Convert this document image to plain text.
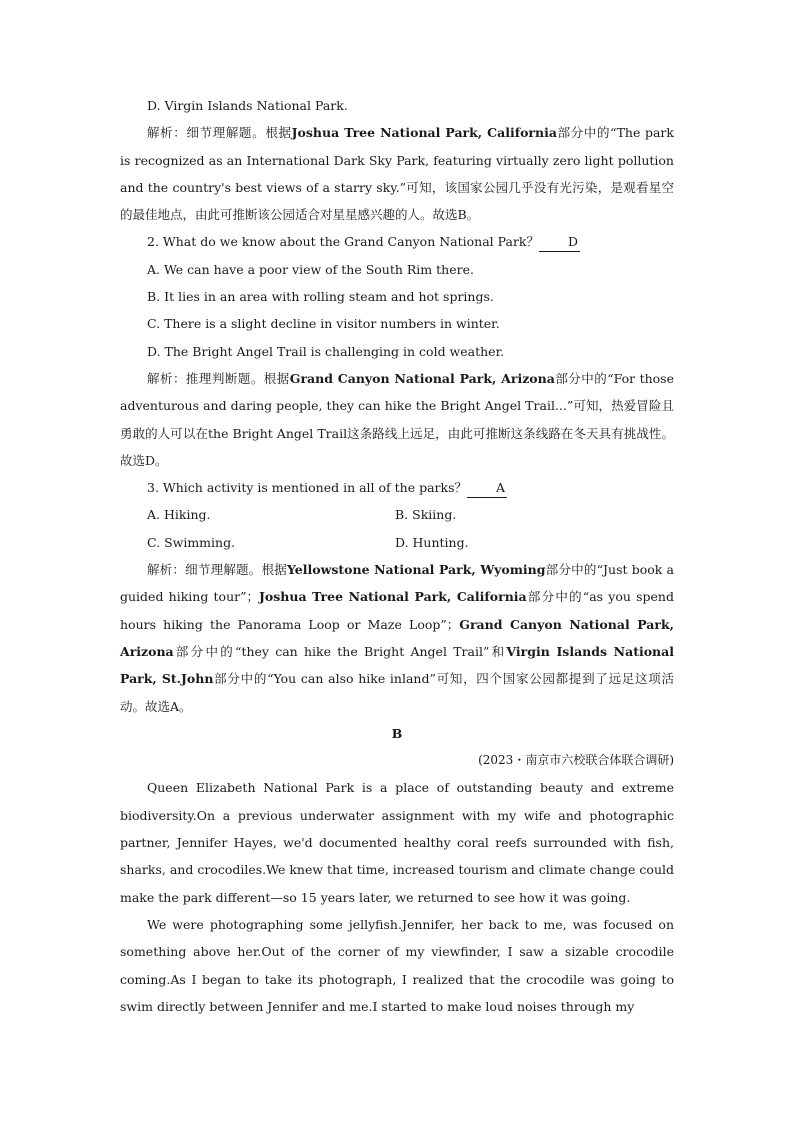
D. Virgin Islands National Park.

解析：细节理解题。根据Joshua Tree National Park, California部分中的“The park is recognized as an International Dark Sky Park, featuring virtually zero light pollution and the country's best views of a starry sky.”可知，该国家公园几乎没有光污染，是观看星空的最佳地点，由此可推断该公园适合对星星感兴趣的人。故选B。

2. What do we know about the Grand Canyon National Park？ D

A. We can have a poor view of the South Rim there.

B. It lies in an area with rolling steam and hot springs.

C. There is a slight decline in visitor numbers in winter.

D. The Bright Angel Trail is challenging in cold weather.

解析：推理判断题。根据Grand Canyon National Park, Arizona部分中的“For those adventurous and daring people, they can hike the Bright Angel Trail...”可知，热爱冒险且勇敢的人可以在the Bright Angel Trail这条路线上远足，由此可推断这条线路在冬天具有挑战性。故选D。

3. Which activity is mentioned in all of the parks？ A

A. Hiking.	B. Skiing.
C. Swimming.	D. Hunting.

解析：细节理解题。根据Yellowstone National Park, Wyoming部分中的“Just book a guided hiking tour”；Joshua Tree National Park, California部分中的“as you spend hours hiking the Panorama Loop or Maze Loop”；Grand Canyon National Park, Arizona部分中的“they can hike the Bright Angel Trail”和Virgin Islands National Park, St.John部分中的“You can also hike inland”可知，四个国家公园都提到了远足这项活动。故选A。

B

(2023・南京市六校联合体联合调研)

Queen Elizabeth National Park is a place of outstanding beauty and extreme biodiversity.On a previous underwater assignment with my wife and photographic partner, Jennifer Hayes, we'd documented healthy coral reefs surrounded with fish, sharks, and crocodiles.We knew that time, increased tourism and climate change could make the park different—so 15 years later, we returned to see how it was going.

We were photographing some jellyfish.Jennifer, her back to me, was focused on something above her.Out of the corner of my viewfinder, I saw a sizable crocodile coming.As I began to take its photograph, I realized that the crocodile was going to swim directly between Jennifer and me.I started to make loud noises through my
